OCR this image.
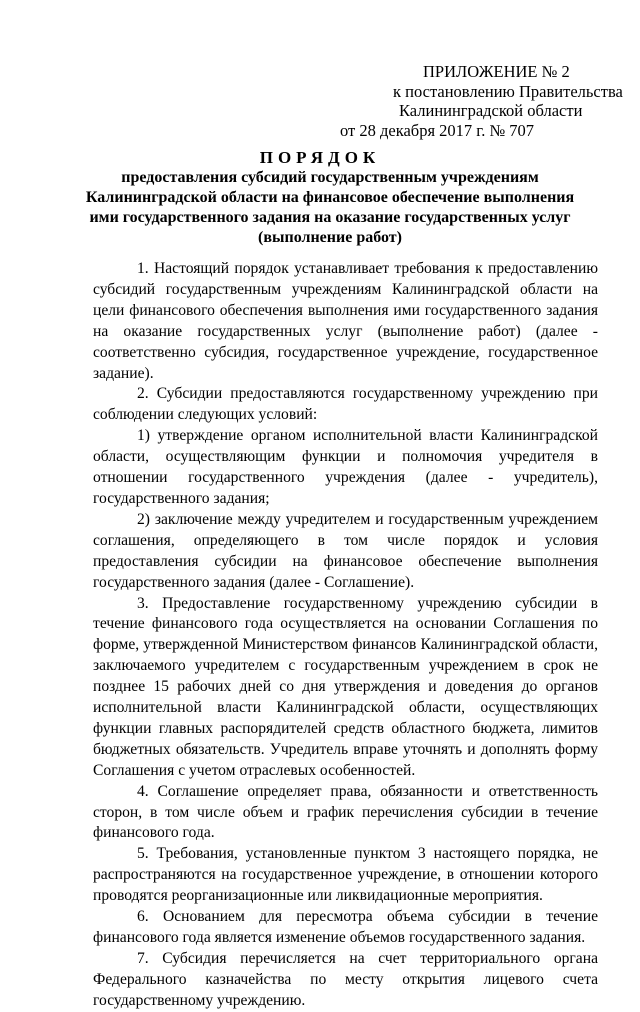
ПРИЛОЖЕНИЕ № 2
к постановлению Правительства
Калининградской области
от 28 декабря 2017 г. № 707
ПОРЯДОК
предоставления субсидий государственным учреждениям Калининградской области на финансовое обеспечение выполнения ими государственного задания на оказание государственных услуг (выполнение работ)

1. Настоящий порядок устанавливает требования к предоставлению субсидий государственным учреждениям Калининградской области на цели финансового обеспечения выполнения ими государственного задания на оказание государственных услуг (выполнение работ) (далее - соответственно субсидия, государственное учреждение, государственное задание).

2. Субсидии предоставляются государственному учреждению при соблюдении следующих условий:

1) утверждение органом исполнительной власти Калининградской области, осуществляющим функции и полномочия учредителя в отношении государственного учреждения (далее - учредитель), государственного задания;

2) заключение между учредителем и государственным учреждением соглашения, определяющего в том числе порядок и условия предоставления субсидии на финансовое обеспечение выполнения государственного задания (далее - Соглашение).

3. Предоставление государственному учреждению субсидии в течение финансового года осуществляется на основании Соглашения по форме, утвержденной Министерством финансов Калининградской области, заключаемого учредителем с государственным учреждением в срок не позднее 15 рабочих дней со дня утверждения и доведения до органов исполнительной власти Калининградской области, осуществляющих функции главных распорядителей средств областного бюджета, лимитов бюджетных обязательств. Учредитель вправе уточнять и дополнять форму Соглашения с учетом отраслевых особенностей.

4. Соглашение определяет права, обязанности и ответственность сторон, в том числе объем и график перечисления субсидии в течение финансового года.

5. Требования, установленные пунктом 3 настоящего порядка, не распространяются на государственное учреждение, в отношении которого проводятся реорганизационные или ликвидационные мероприятия.

6. Основанием для пересмотра объема субсидии в течение финансового года является изменение объемов государственного задания.

7. Субсидия перечисляется на счет территориального органа Федерального казначейства по месту открытия лицевого счета государственному учреждению.
